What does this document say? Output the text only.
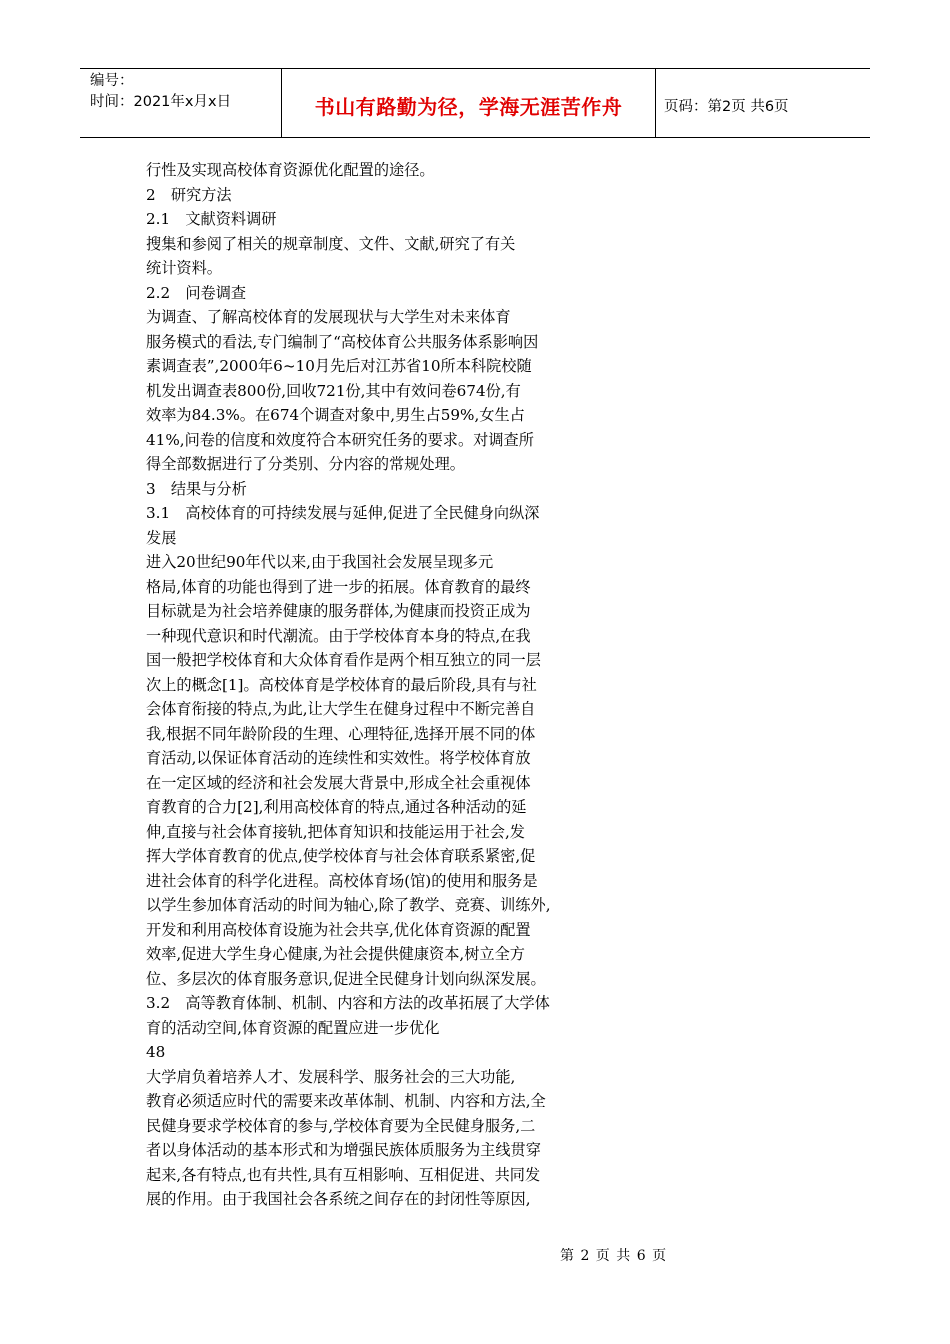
编号：
时间：2021年x月x日	书山有路勤为径，学海无涯苦作舟	页码：第2页 共6页
行性及实现高校体育资源优化配置的途径。
2　研究方法
2.1　文献资料调研
搜集和参阅了相关的规章制度、文件、文献,研究了有关
统计资料。
2.2　问卷调查
为调查、了解高校体育的发展现状与大学生对未来体育
服务模式的看法,专门编制了“高校体育公共服务体系影响因
素调查表”,2000年6~10月先后对江苏省10所本科院校随
机发出调查表800份,回收721份,其中有效问卷674份,有
效率为84.3%。在674个调查对象中,男生占59%,女生占
41%,问卷的信度和效度符合本研究任务的要求。对调查所
得全部数据进行了分类别、分内容的常规处理。
3　结果与分析
3.1　高校体育的可持续发展与延伸,促进了全民健身向纵深
发展
进入20世纪90年代以来,由于我国社会发展呈现多元
格局,体育的功能也得到了进一步的拓展。体育教育的最终
目标就是为社会培养健康的服务群体,为健康而投资正成为
一种现代意识和时代潮流。由于学校体育本身的特点,在我
国一般把学校体育和大众体育看作是两个相互独立的同一层
次上的概念[1]。高校体育是学校体育的最后阶段,具有与社
会体育衔接的特点,为此,让大学生在健身过程中不断完善自
我,根据不同年龄阶段的生理、心理特征,选择开展不同的体
育活动,以保证体育活动的连续性和实效性。将学校体育放
在一定区域的经济和社会发展大背景中,形成全社会重视体
育教育的合力[2],利用高校体育的特点,通过各种活动的延
伸,直接与社会体育接轨,把体育知识和技能运用于社会,发
挥大学体育教育的优点,使学校体育与社会体育联系紧密,促
进社会体育的科学化进程。高校体育场(馆)的使用和服务是
以学生参加体育活动的时间为轴心,除了教学、竞赛、训练外,
开发和利用高校体育设施为社会共享,优化体育资源的配置
效率,促进大学生身心健康,为社会提供健康资本,树立全方
位、多层次的体育服务意识,促进全民健身计划向纵深发展。
3.2　高等教育体制、机制、内容和方法的改革拓展了大学体
育的活动空间,体育资源的配置应进一步优化
48
大学肩负着培养人才、发展科学、服务社会的三大功能,
教育必须适应时代的需要来改革体制、机制、内容和方法,全
民健身要求学校体育的参与,学校体育要为全民健身服务,二
者以身体活动的基本形式和为增强民族体质服务为主线贯穿
起来,各有特点,也有共性,具有互相影响、互相促进、共同发
展的作用。由于我国社会各系统之间存在的封闭性等原因,
第 2 页 共 6 页
